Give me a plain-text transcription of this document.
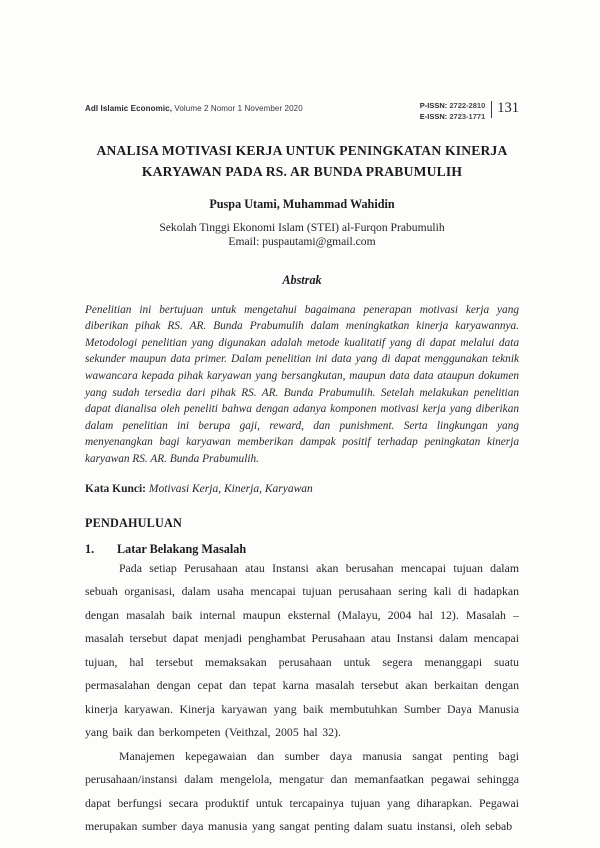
Adl Islamic Economic, Volume 2 Nomor 1 November 2020	P-ISSN: 2722-2810
E-ISSN: 2723-1771
131
ANALISA MOTIVASI KERJA UNTUK PENINGKATAN KINERJA KARYAWAN PADA RS. AR BUNDA PRABUMULIH
Puspa Utami, Muhammad Wahidin
Sekolah Tinggi Ekonomi Islam (STEI) al-Furqon Prabumulih
Email: puspautami@gmail.com
Abstrak

Penelitian ini bertujuan untuk mengetahui bagaimana penerapan motivasi kerja yang diberikan pihak RS. AR. Bunda Prabumulih dalam meningkatkan kinerja karyawannya. Metodologi penelitian yang digunakan adalah metode kualitatif yang di dapat melalui data sekunder maupun data primer. Dalam penelitian ini data yang di dapat menggunakan teknik wawancara kepada pihak karyawan yang bersangkutan, maupun data data ataupun dokumen yang sudah tersedia dari pihak RS. AR. Bunda Prabumulih. Setelah melakukan penelitian dapat dianalisa oleh peneliti bahwa dengan adanya komponen motivasi kerja yang diberikan dalam penelitian ini berupa gaji, reward, dan punishment. Serta lingkungan yang menyenangkan bagi karyawan memberikan dampak positif terhadap peningkatan kinerja karyawan RS. AR. Bunda Prabumulih.

Kata Kunci: Motivasi Kerja, Kinerja, Karyawan
PENDAHULUAN
1.	Latar Belakang Masalah

Pada setiap Perusahaan atau Instansi akan berusahan mencapai tujuan dalam sebuah organisasi, dalam usaha mencapai tujuan perusahaan sering kali di hadapkan dengan masalah baik internal maupun eksternal (Malayu, 2004 hal 12). Masalah – masalah tersebut dapat menjadi penghambat Perusahaan atau Instansi dalam mencapai tujuan, hal tersebut memaksakan perusahaan untuk segera menanggapi suatu permasalahan dengan cepat dan tepat karna masalah tersebut akan berkaitan dengan kinerja karyawan. Kinerja karyawan yang baik membutuhkan Sumber Daya Manusia yang baik dan berkompeten (Veithzal, 2005 hal 32).

Manajemen kepegawaian dan sumber daya manusia sangat penting bagi perusahaan/instansi dalam mengelola, mengatur dan memanfaatkan pegawai sehingga dapat berfungsi secara produktif untuk tercapainya tujuan yang diharapkan. Pegawai merupakan sumber daya manusia yang sangat penting dalam suatu instansi, oleh sebab
